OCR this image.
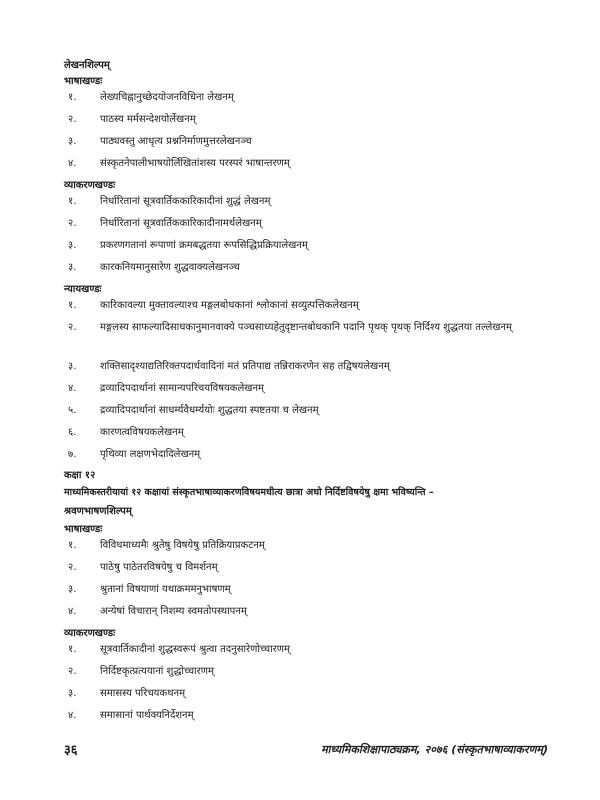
लेखनशिल्पम्
भाषाखण्डः
१.	लेख्यचिह्नानुच्छेदयोजनविधिना लेखनम्
२.	पाठस्य मर्मसन्देशयोर्लेखनम्
३.	पाठ्यवस्तु आधृत्य प्रश्ननिर्माणमुत्तरलेखनञ्च
४.	संस्कृतनेपालीभाषयोर्लिखितांशस्य परस्परं भाषान्तरणम्
व्याकरणखण्डः
१.	निर्धारितानां सूत्रवार्तिककारिकादीनां शुद्धं लेखनम्
२.	निर्धारितानां सूत्रवार्तिककारिकादीनामर्थलेखनम्
३.	प्रकरणगतानां रूपाणां क्रमबद्धतया रूपसिद्धिप्रक्रियालेखनम्
३.	कारकनियमानुसारेण शुद्धवाक्यलेखनञ्च
न्यायखण्डः
१.	कारिकावल्या मुक्तावल्याश्च मङ्गलबोधकानां श्लोकानां सव्युत्पत्तिकलेखनम्
२.	मङ्गलस्य साफल्यादिसाधकानुमानवाक्ये पञ्चसाध्यहेतुदृष्टान्तबोधकानि पदानि पृथक् पृथक् निर्दिश्य शुद्धतया तल्लेखनम्
३.	शक्तिसादृश्याद्यतिरिक्तपदार्थवादिनां मतं प्रतिपाद्य तन्निराकरणेन सह तद्विषयलेखनम्
४.	द्रव्यादिपदार्थानां सामान्यपरिचयविषयकलेखनम्
५.	द्रव्यादिपदार्थानां साधर्म्यवैधर्म्ययोः शुद्धतया स्पष्टतया च लेखनम्
६.	कारणत्वविषयकलेखनम्
७.	पृथिव्या लक्षणभेदादिलेखनम्
कक्षा १२
माध्यमिकस्तरीयायां १२ कक्षायां संस्कृतभाषाव्याकरणविषयमधीत्य छात्रा अधो निर्दिष्टविषयेषु क्षमा भविष्यन्ति –
श्रवणभाषणशिल्पम्
भाषाखण्डः
१.	विविधमाध्यमैः श्रुतेषु विषयेषु प्रतिक्रियाप्रकटनम्
२.	पाठेषु पाठेतरविषयेषु च विमर्शनम्
३.	श्रुतानां विषयाणां यथाक्रममनुभाषणम्
४.	अन्येषां विचारान् निशम्य स्वमतोपस्थापनम्
व्याकरणखण्डः
१.	सूत्रवार्तिकादीनां शुद्धस्वरूपं श्रुत्वा तदनुसारेणोच्चारणम्
२.	निर्दिष्टकृत्प्रत्ययानां शुद्धोच्चारणम्
३.	समासस्य परिचयकथनम्
४.	समासानां पार्थक्यनिर्देशनम्
३६	माध्यमिकशिक्षापाठ्यक्रम, २०७६ (संस्कृतभाषाव्याकरणम्)
